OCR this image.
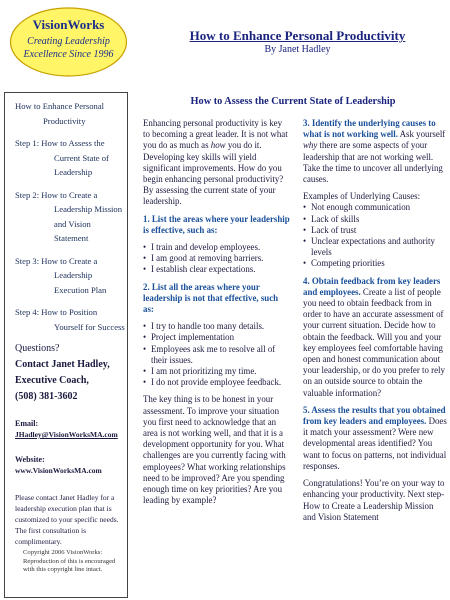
VisionWorks
Creating Leadership
Excellence Since 1996
How to Enhance Personal Productivity
By Janet Hadley
How to Enhance Personal
Productivity
Step 1: How to Assess the Current State of Leadership
Step 2: How to Create a Leadership Mission and Vision Statement
Step 3: How to Create a Leadership Execution Plan
Step 4: How to Position Yourself for Success
Questions?
Contact Janet Hadley,
Executive Coach,
(508) 381-3602
Email:
JHadley@VisionWorksMA.com
Website:
www.VisionWorksMA.com
Please contact Janet Hadley for a leadership execution plan that is customized to your specific needs. The first consultation is complimentary.
Copyright 2006 VisionWorks: Reproduction of this is encouraged with this copyright line intact.
How to Assess the Current State of Leadership

Enhancing personal productivity is key to becoming a great leader. It is not what you do as much as how you do it. Developing key skills will yield significant improvements. How do you begin enhancing personal productivity? By assessing the current state of your leadership.

1. List the areas where your leadership is effective, such as:

• I train and develop employees.
• I am good at removing barriers.
• I establish clear expectations.

2. List all the areas where your leadership is not that effective, such as:

• I try to handle too many details.
• Project implementation
• Employees ask me to resolve all of their issues.
• I am not prioritizing my time.
• I do not provide employee feedback.

The key thing is to be honest in your assessment. To improve your situation you first need to acknowledge that an area is not working well, and that it is a development opportunity for you. What challenges are you currently facing with employees? What working relationships need to be improved? Are you spending enough time on key priorities? Are you leading by example?

3. Identify the underlying causes to what is not working well. Ask yourself why there are some aspects of your leadership that are not working well. Take the time to uncover all underlying causes.

Examples of Underlying Causes:

• Not enough communication
• Lack of skills
• Lack of trust
• Unclear expectations and authority levels
• Competing priorities

4. Obtain feedback from key leaders and employees. Create a list of people you need to obtain feedback from in order to have an accurate assessment of your current situation. Decide how to obtain the feedback. Will you and your key employees feel comfortable having open and honest communication about your leadership, or do you prefer to rely on an outside source to obtain the valuable information?

5. Assess the results that you obtained from key leaders and employees. Does it match your assessment? Were new developmental areas identified? You want to focus on patterns, not individual responses.

Congratulations! You’re on your way to enhancing your productivity. Next step-How to Create a Leadership Mission and Vision Statement
